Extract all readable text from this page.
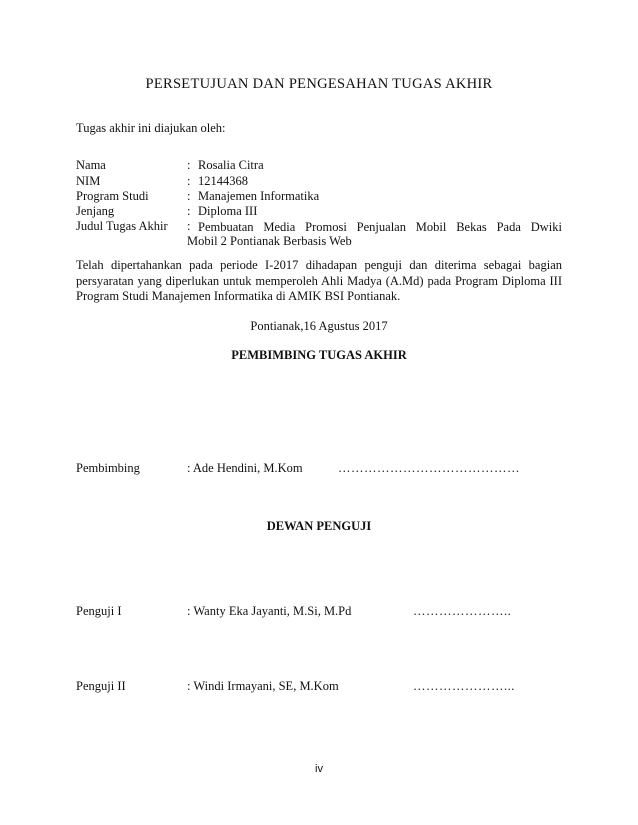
PERSETUJUAN DAN PENGESAHAN TUGAS AKHIR
Tugas akhir ini diajukan oleh:
Nama	: Rosalia Citra
NIM	: 12144368
Program Studi	: Manajemen Informatika
Jenjang	: Diploma III
Judul Tugas Akhir : Pembuatan Media Promosi Penjualan Mobil Bekas Pada Dwiki
Mobil 2 Pontianak Berbasis Web
Telah dipertahankan pada periode I-2017 dihadapan penguji dan diterima sebagai bagian
persyaratan yang diperlukan untuk memperoleh Ahli Madya (A.Md) pada Program Diploma III
Program Studi Manajemen Informatika di AMIK BSI Pontianak.
Pontianak,16 Agustus 2017
PEMBIMBING TUGAS AKHIR
Pembimbing	: Ade Hendini, M.Kom	……………………………………
DEWAN PENGUJI
Penguji I	: Wanty Eka Jayanti, M.Si, M.Pd	…………………..
Penguji II	: Windi Irmayani, SE, M.Kom	…………………...
iv
